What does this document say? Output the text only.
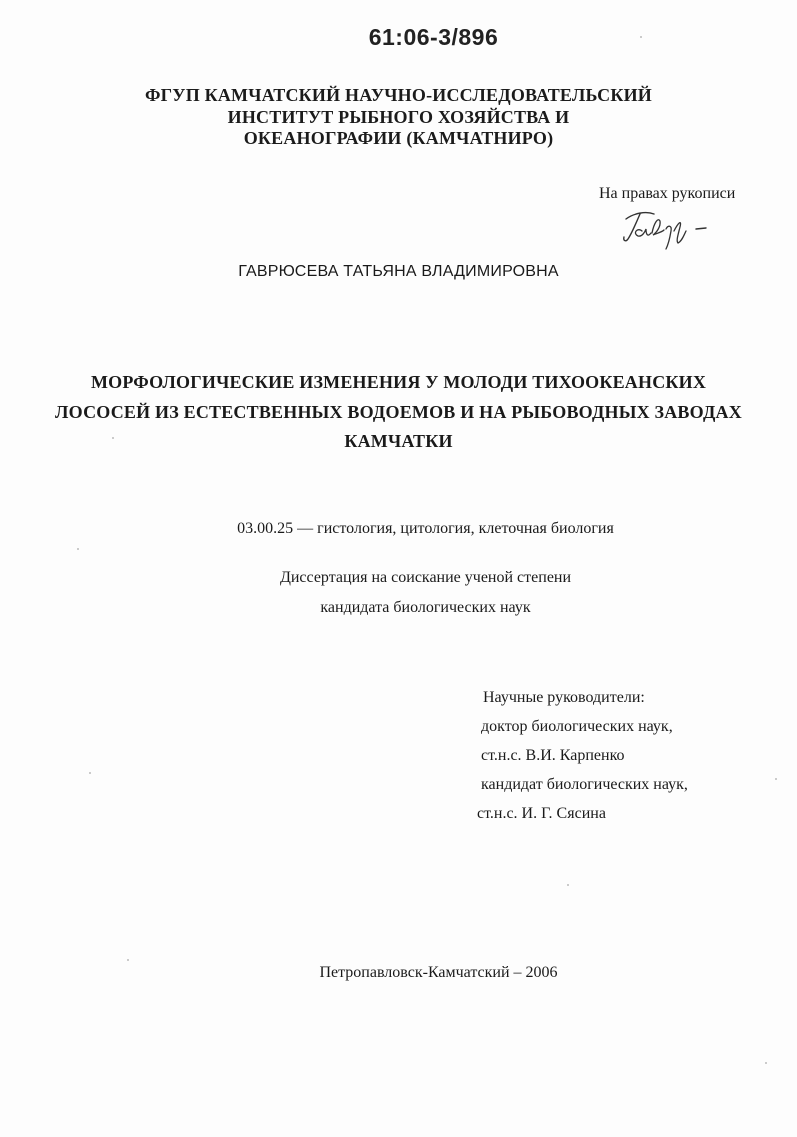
61:06-3/896
ФГУП КАМЧАТСКИЙ НАУЧНО-ИССЛЕДОВАТЕЛЬСКИЙ
ИНСТИТУТ РЫБНОГО ХОЗЯЙСТВА И
ОКЕАНОГРАФИИ (КАМЧАТНИРО)
На правах рукописи
ГАВРЮСЕВА ТАТЬЯНА ВЛАДИМИРОВНА
МОРФОЛОГИЧЕСКИЕ ИЗМЕНЕНИЯ У МОЛОДИ ТИХООКЕАНСКИХ
ЛОСОСЕЙ ИЗ ЕСТЕСТВЕННЫХ ВОДОЕМОВ И НА РЫБОВОДНЫХ ЗАВОДАХ
КАМЧАТКИ
03.00.25 — гистология, цитология, клеточная биология
Диссертация на соискание ученой степени
кандидата биологических наук
Научные руководители:
доктор биологических наук,
ст.н.с. В.И. Карпенко
кандидат биологических наук,
ст.н.с. И. Г. Сясина
Петропавловск-Камчатский – 2006
